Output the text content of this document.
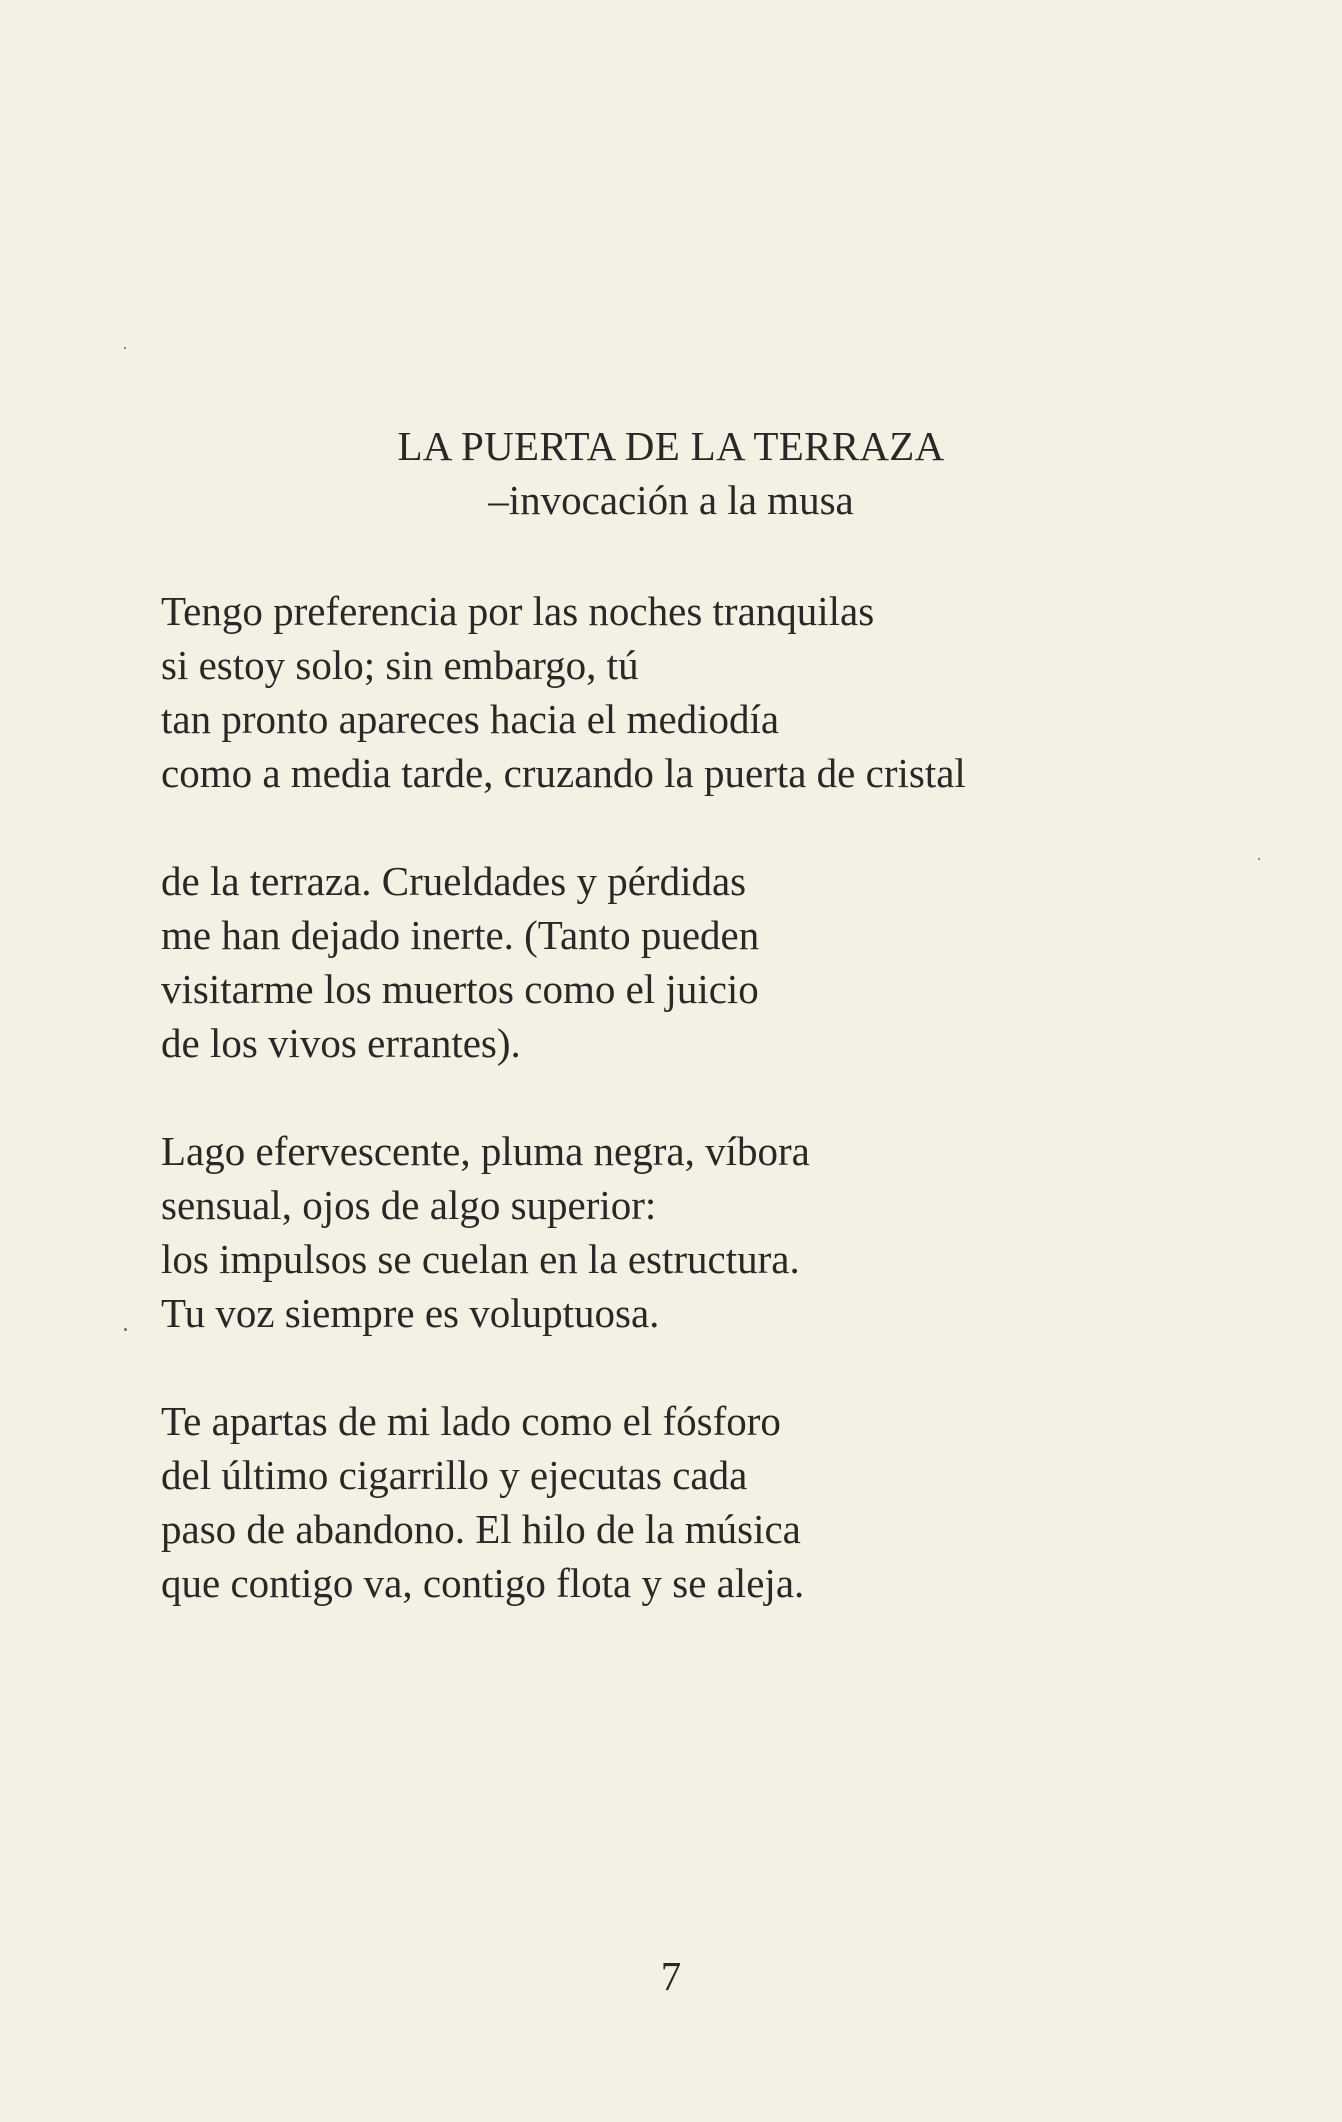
LA PUERTA DE LA TERRAZA
–invocación a la musa
Tengo preferencia por las noches tranquilas
si estoy solo; sin embargo, tú
tan pronto apareces hacia el mediodía
como a media tarde, cruzando la puerta de cristal
de la terraza. Crueldades y pérdidas
me han dejado inerte. (Tanto pueden
visitarme los muertos como el juicio
de los vivos errantes).
Lago efervescente, pluma negra, víbora
sensual, ojos de algo superior:
los impulsos se cuelan en la estructura.
Tu voz siempre es voluptuosa.
Te apartas de mi lado como el fósforo
del último cigarrillo y ejecutas cada
paso de abandono. El hilo de la música
que contigo va, contigo flota y se aleja.
7
